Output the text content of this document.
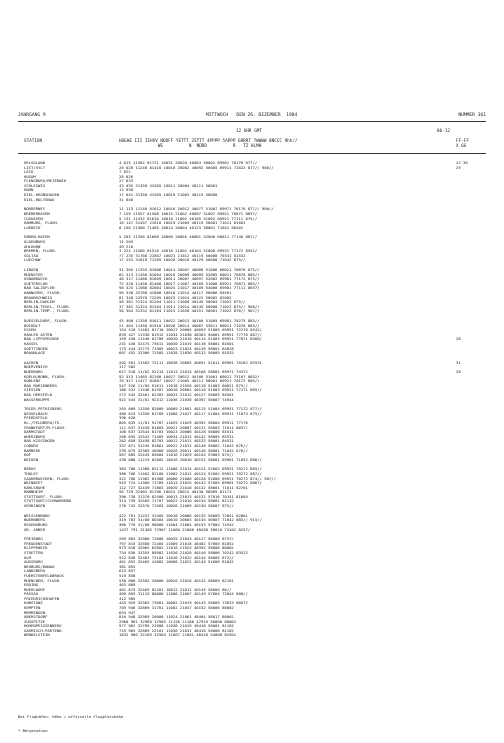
JAHRGANG 9	MITTWOCH   DEN 26. DEZEMBER  1984	NUMMER 361
12 UHR GMT	06-12
STATION	HOEHE III IIHVV NDDFF YETTT 2STTT 4PPPP 5APPP 6RRRT 7WWWW 8NCCC 9hh//
WE          N  NDDD          R   TZ HLMH
FF-FF
X 6G
HELGOLAND	4 015 11362 81721 10031 20020 40084 50002 69961 76176 877//	22 30
LIST/SYLT	26 020 11240 81418 10010 20002 40092 50005 69911 72022 877// 906//	29
LECK	7 022
HUSUM	28 026
FLENSBURG/MEIERWIK	27 033
SCHLESWIG	43 035 31350 41505 10011 20004 40111 58001
HOHN	12 038
KIEL-KRONSHAGEN	17 041 31350 41505 10019 21003 40115 50000
KIEL-HOLTENAU	31 046
NORDERNEY	11 113 11240 81612 10016 20012 40077 51007 69971 76176 877// 906//
BREMERHAVEN	7 129 11557 81508 10015 21002 40097 51007 69921 76871 8657/
CUXHAVEN	5 131 11432 81610 10010 21002 40105 51002 69921 77111 875//
HAMBURG, FLUGH.	16 147 31457 21610 10019 21004 40119 58001 71011 81601
LUEBECK	8 156 21360 71405 10014 20004 40123 58001 71042 86402
EMDEN-HAFEN	5 203 11356 81608 10009 20005 40081 52006 60011 77146 887//
OLDENBURG	11 205
AHLHORN	49 218
BREMEN, FLUGH.	3 224 11560 81510 10016 21002 40104 51008 69931 77172 8552/
SOLTAU	77 235 31760 21807 10021 21012 40119 50000 70341 81532
LUECHOW	17 253 31618 71205 10020 20010 40129 50000 71042 875//
LINGEN	31 305 11333 81806 10014 20007 40088 51006 60021 76876 875//
MUENSTER	62 313 11456 81604 10016 20009 40095 52005 60011 76876 885//
OSNABRUECK	48 317 11460 81609 10011 20007 40097 52002 69961 77172 875//
GUETERSLOH	72 320 11450 81408 10017 21007 40109 51008 69921 76871 885//
BAD SALZUFLEN	98 325 11568 82004 10024 21017 40109 54000 69901 77111 8657/
HANNOVER, FLUGH.	56 338 32768 41808 10018 21014 40117 58006 84501
BRAUNSCHWEIG	81 348 22970 72205 10023 21024 40122 58002 82002
BERLIN-DAHLEM	58 381 31324 81204 11011 21009 40149 50004 71022 875//
BERLIN-TEGEL, FLUGH.	37 382 31324 81204 11011 21014 40145 50000 71022 875// 908//
BERLIN-TEMP., FLUGH.	50 384 31332 81104 11015 21028 40151 50001 71022 876// 907//
DUESSELDORF, FLUGH.	45 400 11358 81611 10022 20013 40100 51005 69981 70275 885//
BOCHOLT	21 404 11450 81910 10026 20014 40087 53011 60011 71076 885//
ESSEN	154 410 11462 81710 10017 20005 40093 51005 69951 72276 8542/
KAHLER ASTEN	839 427 11330 81912 11034 21038 48363 50001 69951 77776 887//
BAD LIPPSPRINGE	159 430 11446 81708 10020 21010 40114 51003 69921 77871 8568/	28
KASSEL	231 438 32475 73011 10030 21015 40116 58001 84501
GOETTINGEN	175 444 32775 71905 10023 21024 40126 58001 84828
BRAUNLAGE	607 452 32366 72505 11028 21036 40132 58005 85532
AACHEN	202 501 11582 72111 10038 20005 40091 51011 69901 70162 85531	31
NOERVENICH	117 502
NUERBURG	627 510 11/02 92214 11013 21013 40108 58001 69971 74372	28
KOELN/BONN, FLUGH.	92 513 11465 81208 10027 20012 40106 51001 60011 75167 8652/
KOBLENZ	70 517 11477 81807 10027 21005 40111 58001 69921 70172 885//
BAD MARIENBERG	547 526 11/05 91611 11018 21020 40118 51003 60021 875//
GIESSEN	186 532 11446 81507 10010 20002 40126 51003 69921 77171 885//
BAD HERSFELD	272 542 32461 62303 10033 21012 40127 58005 84501
WASSERKUPPE	921 544 31/01 92312 11036 21036 48397 58007 74944
TRIER-PETRISBERG	265 609 11350 82009 10009 21001 40115 51004 69951 77172 877//
DEUSELBACH	480 615 11356 81709 11008 21017 40117 51004 69911 71073 875//
PFERDSFELD	396 626
KL./FELDBERG/TS.	805 635 11/01 91707 11029 21029 48392 58004 69911 77176
FRANKFURT/M.FLUGH.	111 637 31445 81803 10021 20007 40131 58003 71011 8657/
DARMSTADT	108 637 32544 81703 10023 20006 40128 58006 85531
WUERZBURG	268 655 32542 71405 10034 21013 40142 58005 85531
BAD KISSINGEN	282 658 32458 82703 10012 21011 40133 58001 84531
COBURG	337 671 31245 81801 10022 21012 40148 58002 71042 876//
BAMBERG	239 675 32365 40900 10026 20011 40146 58001 71042 876//
HOF	567 685 32445 83004 11016 21029 40154 53003 875//
WEIDEN	438 688 11215 82002 10016 20010 40152 58001 69901 71052 886//
BERUS	363 706 11368 82112 11006 21015 40124 52002 69931 70272 885//
THOLEY	386 706 11402 82106 11002 21012 40124 52002 69921 70272 887//
SAARBRUECKEN, FLUGH.	322 708 11362 81908 10000 21008 40128 52000 69921 70272 874// 907//
WEINBIET	553 724 11360 71709 11013 21025 40132 57005 69901 70272 8867/
KARLSRUHE	112 727 32449 71803 10020 21010 40132 58001 71011 82701
MANNHEIM	96 729 32465 81706 10024 20012 40130 58009 81171
STUTTGART, FLUGH.	396 738 31370 82506 10013 21013 40132 57016 70341 81604
STUTTGART/SCHNARRENB.	314 739 32565 71707 10022 21010 40134 58001 81112
OEHRINGEN	276 742 32570 71503 10026 21009 40130 58007 875//
WEISSENBURG	422 761 31257 31405 10018 20006 40135 58009 72841 82801
NUERNBERG	319 763 31/00 80304 10010 20003 40145 50007 71042 885// 915//
REGENSBURG	366 776 31/08 90000 11004 21004 40153 57004 74542
GR. ARBER	1437 791 31305 72907 11060 21068 48458 58010 74162 8257/
FREIBURG	269 803 32980 72006 10035 21043 40127 58008 8757/
FREUDENSTADT	797 815 32580 72404 11009 21018 48402 57005 81852
KLIPPENECK	973 818 32965 62002 11016 21023 48392 58006 80002
STOETTEN	734 836 31355 89902 11026 21020 40140 58006 70242 83522
ULM	522 838 32462 72104 11010 21022 40144 56005 872//
AUGSBURG	461 852 32465 41802 10008 21022 40144 51006 81842
NEUBURG/DONAU	381 853
LANDSBERG	623 857
FUERSTENFELDBRUCK	519 858
MUENCHEN, FLUGH.	530 866 32582 20000 10020 21020 40142 58009 82101
ERDING	463 869
MUEHLDORF	401 875 32465 82201 10012 21012 40145 58004 86//
PASSAU	409 893 31115 80000 11006 21007 40149 57004 72844 886//
FRIEDRICHSHAFEN	412 905
KONSTANZ	443 929 32362 73001 10002 21019 40143 58005 73633 86072
KEMPTEN	705 946 32869 31701 11002 21057 40152 58006 80002
MEMMINGEN	634 947
OBERSTDORF	810 948 32989 20000 11024 21061 48404 58017 80002
ZUGSPITZE	2960 961 32989 12905 11126 21186 47919 50000 80002
HOHENPEISSENBERG	977 962 32789 21908 11038 21019 48416 58001 81102
GARMISCH-PARTENK.	719 963 32689 22101 11036 21031 48416 58006 81102
WENDELSTEIN	1832 980 32189 32504 11067 21081 48418 54000 82501

Bei Flughäfen: Höhe = offizielle Flugplatzhöhe

* Bergstation
